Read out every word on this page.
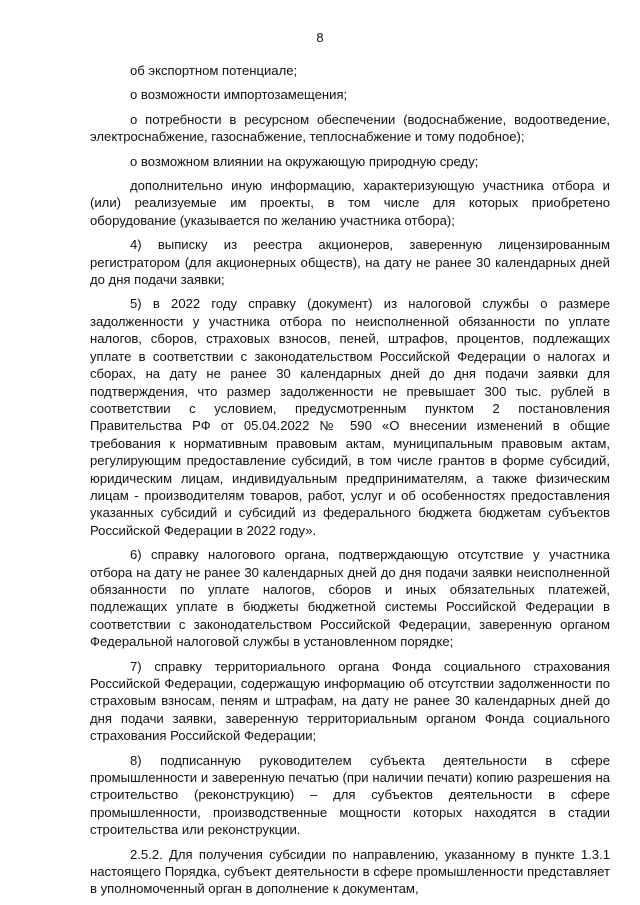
8

об экспортном потенциале;

о возможности импортозамещения;

о потребности в ресурсном обеспечении (водоснабжение, водоотведение, электроснабжение, газоснабжение, теплоснабжение и тому подобное);

о возможном влиянии на окружающую природную среду;

дополнительно иную информацию, характеризующую участника отбора и (или) реализуемые им проекты, в том числе для которых приобретено оборудование (указывается по желанию участника отбора);

4) выписку из реестра акционеров, заверенную лицензированным регистратором (для акционерных обществ), на дату не ранее 30 календарных дней до дня подачи заявки;

5) в 2022 году справку (документ) из налоговой службы о размере задолженности у участника отбора по неисполненной обязанности по уплате налогов, сборов, страховых взносов, пеней, штрафов, процентов, подлежащих уплате в соответствии с законодательством Российской Федерации о налогах и сборах, на дату не ранее 30 календарных дней до дня подачи заявки для подтверждения, что размер задолженности не превышает 300 тыс. рублей в соответствии с условием, предусмотренным пунктом 2 постановления Правительства РФ от 05.04.2022 № 590 «О внесении изменений в общие требования к нормативным правовым актам, муниципальным правовым актам, регулирующим предоставление субсидий, в том числе грантов в форме субсидий, юридическим лицам, индивидуальным предпринимателям, а также физическим лицам - производителям товаров, работ, услуг и об особенностях предоставления указанных субсидий и субсидий из федерального бюджета бюджетам субъектов Российской Федерации в 2022 году».

6) справку налогового органа, подтверждающую отсутствие у участника отбора на дату не ранее 30 календарных дней до дня подачи заявки неисполненной обязанности по уплате налогов, сборов и иных обязательных платежей, подлежащих уплате в бюджеты бюджетной системы Российской Федерации в соответствии с законодательством Российской Федерации, заверенную органом Федеральной налоговой службы в установленном порядке;

7) справку территориального органа Фонда социального страхования Российской Федерации, содержащую информацию об отсутствии задолженности по страховым взносам, пеням и штрафам, на дату не ранее 30 календарных дней до дня подачи заявки, заверенную территориальным органом Фонда социального страхования Российской Федерации;

8) подписанную руководителем субъекта деятельности в сфере промышленности и заверенную печатью (при наличии печати) копию разрешения на строительство (реконструкцию) – для субъектов деятельности в сфере промышленности, производственные мощности которых находятся в стадии строительства или реконструкции.

2.5.2. Для получения субсидии по направлению, указанному в пункте 1.3.1 настоящего Порядка, субъект деятельности в сфере промышленности представляет в уполномоченный орган в дополнение к документам,
